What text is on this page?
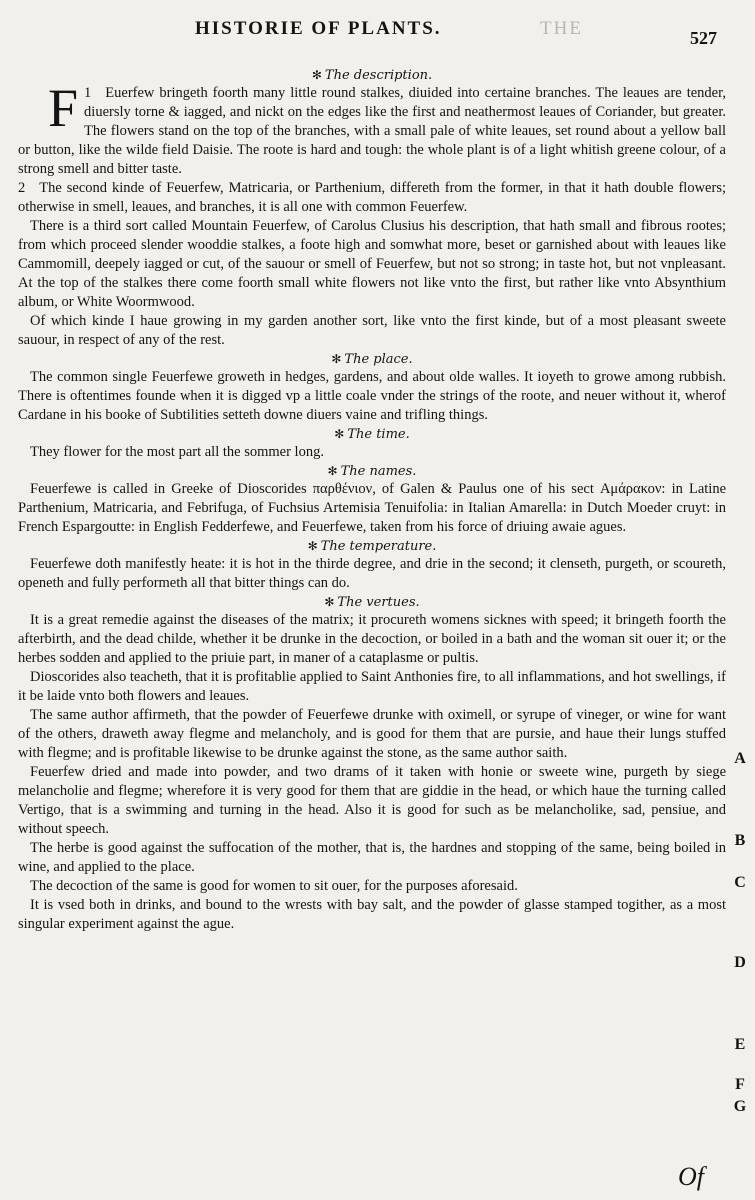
HISTORIE OF PLANTS.	THE	527
✻ The description.

1
F Euerfew bringeth foorth many little round stalkes, diuided into certaine branches. The leaues are tender, diuersly torne & iagged, and nickt on the edges like the first and neathermost leaues of Coriander, but greater. The flowers stand on the top of the branches, with a small pale of white leaues, set round about a yellow ball or button, like the wilde field Daisie. The roote is hard and tough: the whole plant is of a light whitish greene colour, of a strong smell and bitter taste.

2 The second kinde of Feuerfew, Matricaria, or Parthenium, differeth from the former, in that it hath double flowers; otherwise in smell, leaues, and branches, it is all one with common Feuerfew.

There is a third sort called Mountain Feuerfew, of Carolus Clusius his description, that hath small and fibrous rootes; from which proceed slender wooddie stalkes, a foote high and somwhat more, beset or garnished about with leaues like Cammomill, deepely iagged or cut, of the sauour or smell of Feuerfew, but not so strong; in taste hot, but not vnpleasant. At the top of the stalkes there come foorth small white flowers not like vnto the first, but rather like vnto Absynthium album, or White Woormwood.

Of which kinde I haue growing in my garden another sort, like vnto the first kinde, but of a most pleasant sweete sauour, in respect of any of the rest.

✻ The place.

The common single Feuerfewe groweth in hedges, gardens, and about olde walles. It ioyeth to growe among rubbish. There is oftentimes founde when it is digged vp a little coale vnder the strings of the roote, and neuer without it, wherof Cardane in his booke of Subtilities setteth downe diuers vaine and trifling things.

✻ The time.

They flower for the most part all the sommer long.

✻ The names.

Feuerfewe is called in Greeke of Dioscorides παρθένιον, of Galen & Paulus one of his sect Αμάρακον: in Latine Parthenium, Matricaria, and Febrifuga, of Fuchsius Artemisia Tenuifolia: in Italian Amarella: in Dutch Moeder cruyt: in French Espargoutte: in English Fedderfewe, and Feuerfewe, taken from his force of driuing awaie agues.

✻ The temperature.

Feuerfewe doth manifestly heate: it is hot in the thirde degree, and drie in the second; it clenseth, purgeth, or scoureth, openeth and fully performeth all that bitter things can do.

✻ The vertues.

It is a great remedie against the diseases of the matrix; it procureth womens sicknes with speed; it bringeth foorth the afterbirth, and the dead childe, whether it be drunke in the decoction, or boiled in a bath and the woman sit ouer it; or the herbes sodden and applied to the priuie part, in maner of a cataplasme or pultis.

Dioscorides also teacheth, that it is profitablie applied to Saint Anthonies fire, to all inflammations, and hot swellings, if it be laide vnto both flowers and leaues.

The same author affirmeth, that the powder of Feuerfewe drunke with oximell, or syrupe of vineger, or wine for want of the others, draweth away flegme and melancholy, and is good for them that are pursie, and haue their lungs stuffed with flegme; and is profitable likewise to be drunke against the stone, as the same author saith.

Feuerfew dried and made into powder, and two drams of it taken with honie or sweete wine, purgeth by siege melancholie and flegme; wherefore it is very good for them that are giddie in the head, or which haue the turning called Vertigo, that is a swimming and turning in the head. Also it is good for such as be melancholike, sad, pensiue, and without speech.

The herbe is good against the suffocation of the mother, that is, the hardnes and stopping of the same, being boiled in wine, and applied to the place.

The decoction of the same is good for women to sit ouer, for the purposes aforesaid.

It is vsed both in drinks, and bound to the wrests with bay salt, and the powder of glasse stamped togither, as a most singular experiment against the ague.

A
B
C
D
E
F
G
Of
